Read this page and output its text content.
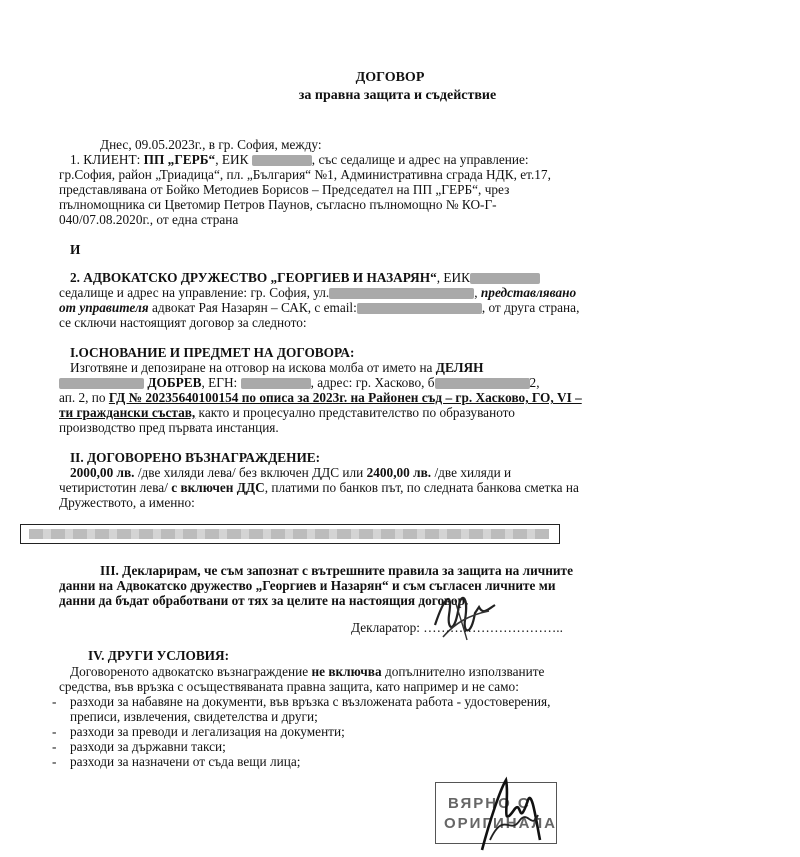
ДОГОВОР
за правна защита и съдействие
Днес, 09.05.2023г., в гр. София, между:
1. КЛИЕНТ: ПП „ГЕРБ“, ЕИК	, със седалище и адрес на управление:
гр.София, район „Триадица“, пл. „България“ №1, Административна сграда НДК, ет.17,
представлявана от Бойко Методиев Борисов – Председател на ПП „ГЕРБ“, чрез
пълномощника си Цветомир Петров Паунов, съгласно пълномощно № КО-Г-
040/07.08.2020г., от една страна
И
2. АДВОКАТСКО ДРУЖЕСТВО „ГЕОРГИЕВ И НАЗАРЯН“, ЕИК
седалище и адрес на управление: гр. София, ул.	, представлявано
от управителя адвокат Рая Назарян – САК, с email:	, от друга страна,
се сключи настоящият договор за следното:
I.ОСНОВАНИЕ И ПРЕДМЕТ НА ДОГОВОРА:
Изготвяне и депозиране на отговор на искова молба от името на ДЕЛЯН
ДОБРЕВ, ЕГН:	, адрес: гр. Хасково, б	2,
ап. 2, по ГД № 20235640100154 по описа за 2023г. на Районен съд – гр. Хасково, ГО, VI –
ти граждански състав, както и процесуално представителство по образуваното
производство пред първата инстанция.
II. ДОГОВОРЕНО ВЪЗНАГРАЖДЕНИЕ:
2000,00 лв. /две хиляди лева/ без включен ДДС или 2400,00 лв. /две хиляди и
четиристотин лева/ с включен ДДС, платими по банков път, по следната банкова сметка на
Дружеството, а именно:
III. Декларирам, че съм запознат с вътрешните правила за защита на личните
данни на Адвокатско дружество „Георгиев и Назарян“ и съм съгласен личните ми
данни да бъдат обработвани от тях за целите на настоящия договор.
Декларатор: …………………………..
IV. ДРУГИ УСЛОВИЯ:
Договореното адвокатско възнаграждение не включва допълнително използваните
средства, във връзка с осъществяваната правна защита, като например и не само:
- разходи за набавяне на документи, във връзка с възложената работа - удостоверения,
преписи, извлечения, свидетелства и други;
- разходи за преводи и легализация на документи;
- разходи за държавни такси;
- разходи за назначени от съда вещи лица;
ВЯРНО С
ОРИГИНАЛА
